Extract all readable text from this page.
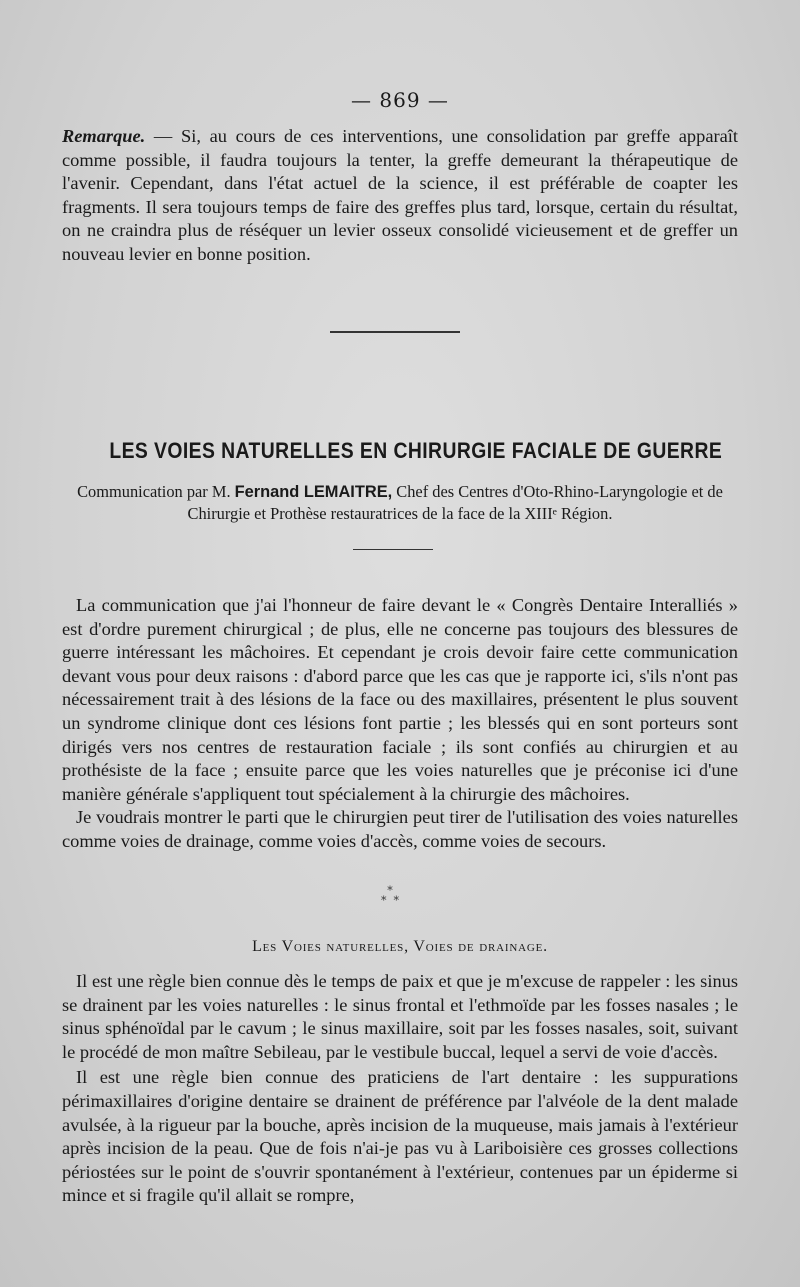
— 869 —
Remarque. — Si, au cours de ces interventions, une consolidation par greffe apparaît comme possible, il faudra toujours la tenter, la greffe demeurant la thérapeutique de l'avenir. Cependant, dans l'état actuel de la science, il est préférable de coapter les fragments. Il sera toujours temps de faire des greffes plus tard, lorsque, certain du résultat, on ne craindra plus de réséquer un levier osseux consolidé vicieusement et de greffer un nouveau levier en bonne position.
LES VOIES NATURELLES EN CHIRURGIE FACIALE DE GUERRE
Communication par M. Fernand LEMAITRE, Chef des Centres d'Oto-Rhino-Laryngologie et de Chirurgie et Prothèse restauratrices de la face de la XIIIᵉ Région.

La communication que j'ai l'honneur de faire devant le « Congrès Dentaire Interalliés » est d'ordre purement chirurgical ; de plus, elle ne concerne pas toujours des blessures de guerre intéressant les mâchoires. Et cependant je crois devoir faire cette communication devant vous pour deux raisons : d'abord parce que les cas que je rapporte ici, s'ils n'ont pas nécessairement trait à des lésions de la face ou des maxillaires, présentent le plus souvent un syndrome clinique dont ces lésions font partie ; les blessés qui en sont porteurs sont dirigés vers nos centres de restauration faciale ; ils sont confiés au chirurgien et au prothésiste de la face ; ensuite parce que les voies naturelles que je préconise ici d'une manière générale s'appliquent tout spécialement à la chirurgie des mâchoires.

Je voudrais montrer le parti que le chirurgien peut tirer de l'utilisation des voies naturelles comme voies de drainage, comme voies d'accès, comme voies de secours.

*
*  *
Les Voies naturelles, Voies de drainage.

Il est une règle bien connue dès le temps de paix et que je m'excuse de rappeler : les sinus se drainent par les voies naturelles : le sinus frontal et l'ethmoïde par les fosses nasales ; le sinus sphénoïdal par le cavum ; le sinus maxillaire, soit par les fosses nasales, soit, suivant le procédé de mon maître Sebileau, par le vestibule buccal, lequel a servi de voie d'accès.

Il est une règle bien connue des praticiens de l'art dentaire : les suppurations périmaxillaires d'origine dentaire se drainent de préférence par l'alvéole de la dent malade avulsée, à la rigueur par la bouche, après incision de la muqueuse, mais jamais à l'extérieur après incision de la peau. Que de fois n'ai-je pas vu à Lariboisière ces grosses collections périostées sur le point de s'ouvrir spontanément à l'extérieur, contenues par un épiderme si mince et si fragile qu'il allait se rompre,
